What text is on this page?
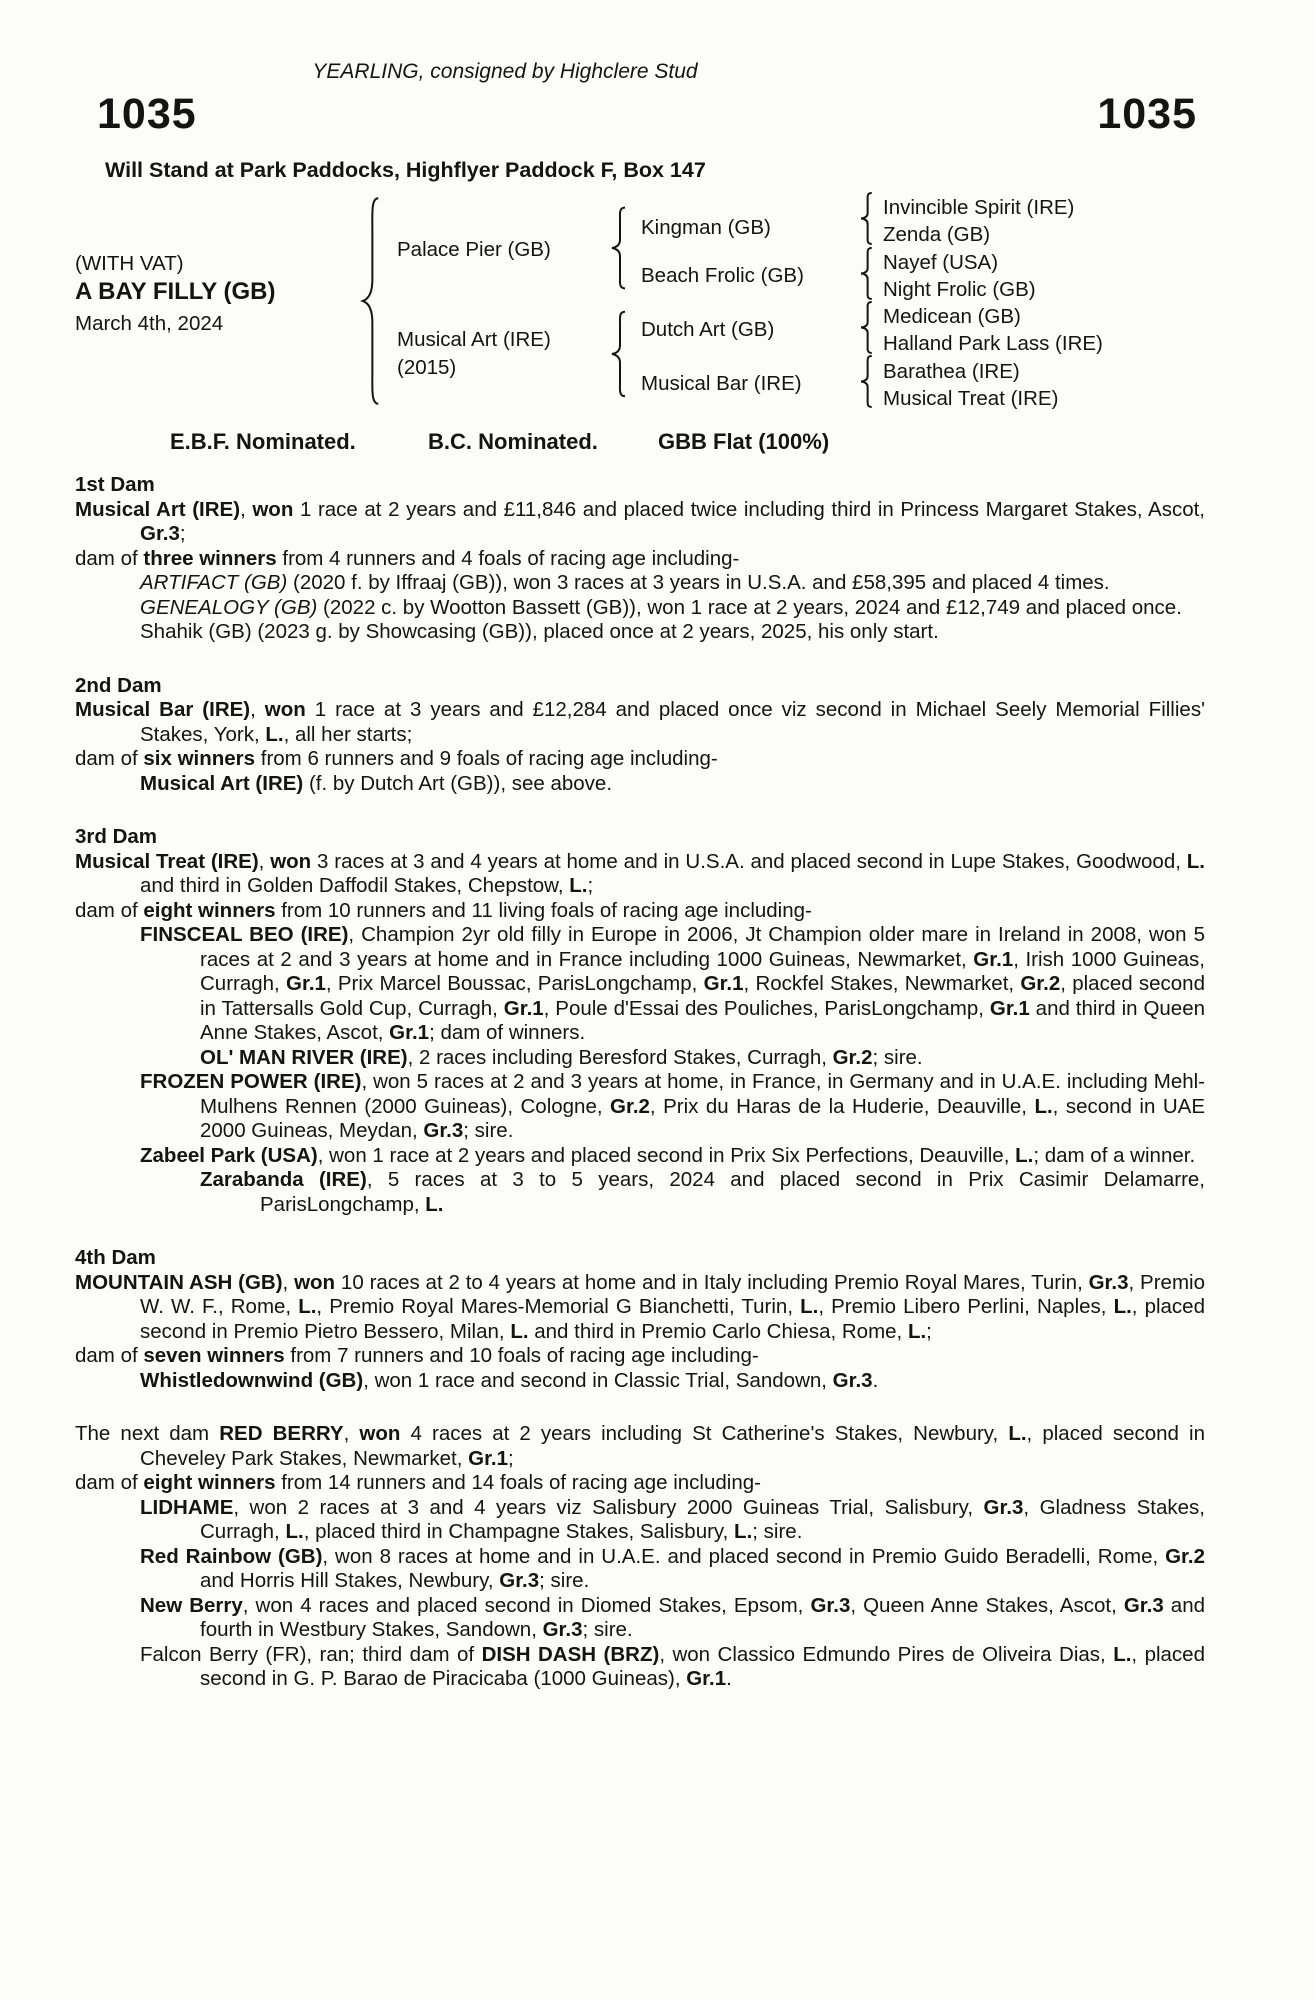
YEARLING, consigned by Highclere Stud
1035	1035
Will Stand at Park Paddocks, Highflyer Paddock F, Box 147
(WITH VAT)
A BAY FILLY (GB)
March 4th, 2024
Palace Pier (GB)
Musical Art (IRE)
(2015)
Kingman (GB)
Beach Frolic (GB)
Dutch Art (GB)
Musical Bar (IRE)
Invincible Spirit (IRE)
Zenda (GB)
Nayef (USA)
Night Frolic (GB)
Medicean (GB)
Halland Park Lass (IRE)
Barathea (IRE)
Musical Treat (IRE)
E.B.F. Nominated.	B.C. Nominated.	GBB Flat (100%)
1st Dam

Musical Art (IRE), won 1 race at 2 years and £11,846 and placed twice including third in Princess Margaret Stakes, Ascot, Gr.3;

dam of three winners from 4 runners and 4 foals of racing age including-

ARTIFACT (GB) (2020 f. by Iffraaj (GB)), won 3 races at 3 years in U.S.A. and £58,395 and placed 4 times.

GENEALOGY (GB) (2022 c. by Wootton Bassett (GB)), won 1 race at 2 years, 2024 and £12,749 and placed once.

Shahik (GB) (2023 g. by Showcasing (GB)), placed once at 2 years, 2025, his only start.

2nd Dam

Musical Bar (IRE), won 1 race at 3 years and £12,284 and placed once viz second in Michael Seely Memorial Fillies' Stakes, York, L., all her starts;

dam of six winners from 6 runners and 9 foals of racing age including-

Musical Art (IRE) (f. by Dutch Art (GB)), see above.

3rd Dam

Musical Treat (IRE), won 3 races at 3 and 4 years at home and in U.S.A. and placed second in Lupe Stakes, Goodwood, L. and third in Golden Daffodil Stakes, Chepstow, L.;

dam of eight winners from 10 runners and 11 living foals of racing age including-

FINSCEAL BEO (IRE), Champion 2yr old filly in Europe in 2006, Jt Champion older mare in Ireland in 2008, won 5 races at 2 and 3 years at home and in France including 1000 Guineas, Newmarket, Gr.1, Irish 1000 Guineas, Curragh, Gr.1, Prix Marcel Boussac, ParisLongchamp, Gr.1, Rockfel Stakes, Newmarket, Gr.2, placed second in Tattersalls Gold Cup, Curragh, Gr.1, Poule d'Essai des Pouliches, ParisLongchamp, Gr.1 and third in Queen Anne Stakes, Ascot, Gr.1; dam of winners.

OL' MAN RIVER (IRE), 2 races including Beresford Stakes, Curragh, Gr.2; sire.

FROZEN POWER (IRE), won 5 races at 2 and 3 years at home, in France, in Germany and in U.A.E. including Mehl-Mulhens Rennen (2000 Guineas), Cologne, Gr.2, Prix du Haras de la Huderie, Deauville, L., second in UAE 2000 Guineas, Meydan, Gr.3; sire.

Zabeel Park (USA), won 1 race at 2 years and placed second in Prix Six Perfections, Deauville, L.; dam of a winner.

Zarabanda (IRE), 5 races at 3 to 5 years, 2024 and placed second in Prix Casimir Delamarre, ParisLongchamp, L.

4th Dam

MOUNTAIN ASH (GB), won 10 races at 2 to 4 years at home and in Italy including Premio Royal Mares, Turin, Gr.3, Premio W. W. F., Rome, L., Premio Royal Mares-Memorial G Bianchetti, Turin, L., Premio Libero Perlini, Naples, L., placed second in Premio Pietro Bessero, Milan, L. and third in Premio Carlo Chiesa, Rome, L.;

dam of seven winners from 7 runners and 10 foals of racing age including-

Whistledownwind (GB), won 1 race and second in Classic Trial, Sandown, Gr.3.

The next dam RED BERRY, won 4 races at 2 years including St Catherine's Stakes, Newbury, L., placed second in Cheveley Park Stakes, Newmarket, Gr.1;

dam of eight winners from 14 runners and 14 foals of racing age including-

LIDHAME, won 2 races at 3 and 4 years viz Salisbury 2000 Guineas Trial, Salisbury, Gr.3, Gladness Stakes, Curragh, L., placed third in Champagne Stakes, Salisbury, L.; sire.

Red Rainbow (GB), won 8 races at home and in U.A.E. and placed second in Premio Guido Beradelli, Rome, Gr.2 and Horris Hill Stakes, Newbury, Gr.3; sire.

New Berry, won 4 races and placed second in Diomed Stakes, Epsom, Gr.3, Queen Anne Stakes, Ascot, Gr.3 and fourth in Westbury Stakes, Sandown, Gr.3; sire.

Falcon Berry (FR), ran; third dam of DISH DASH (BRZ), won Classico Edmundo Pires de Oliveira Dias, L., placed second in G. P. Barao de Piracicaba (1000 Guineas), Gr.1.
